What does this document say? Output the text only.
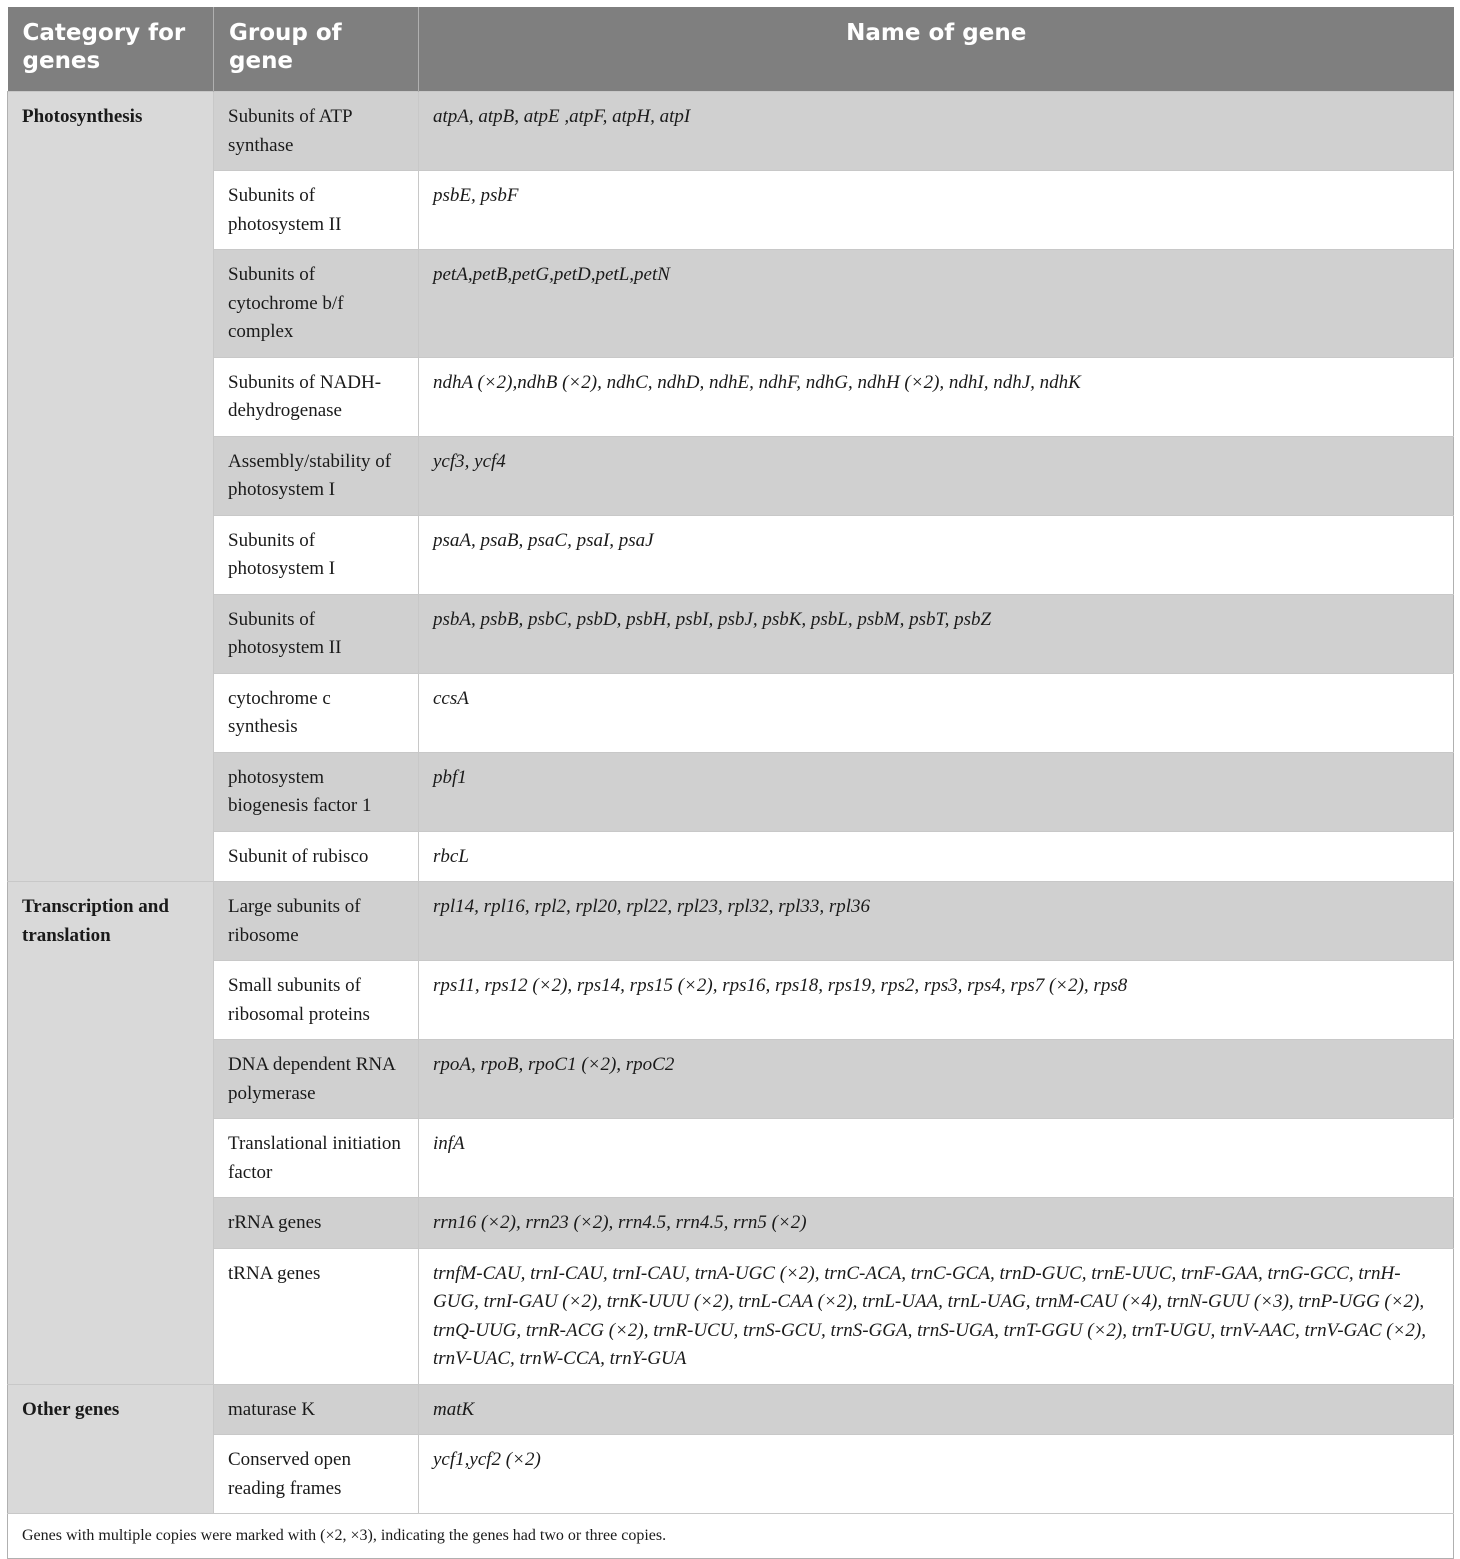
Category for genes	Group of gene	Name of gene
Photosynthesis	Subunits of ATP synthase	atpA, atpB, atpE ,atpF, atpH, atpI
	Subunits of photosystem II	psbE, psbF
	Subunits of cytochrome b/f complex	petA,petB,petG,petD,petL,petN
	Subunits of NADH-dehydrogenase	ndhA (×2),ndhB (×2), ndhC, ndhD, ndhE, ndhF, ndhG, ndhH (×2), ndhI, ndhJ, ndhK
	Assembly/stability of photosystem I	ycf3, ycf4
	Subunits of photosystem I	psaA, psaB, psaC, psaI, psaJ
	Subunits of photosystem II	psbA, psbB, psbC, psbD, psbH, psbI, psbJ, psbK, psbL, psbM, psbT, psbZ
	cytochrome c synthesis	ccsA
	photosystem biogenesis factor 1	pbf1
	Subunit of rubisco	rbcL
Transcription and translation	Large subunits of ribosome	rpl14, rpl16, rpl2, rpl20, rpl22, rpl23, rpl32, rpl33, rpl36
	Small subunits of ribosomal proteins	rps11, rps12 (×2), rps14, rps15 (×2), rps16, rps18, rps19, rps2, rps3, rps4, rps7 (×2), rps8
	DNA dependent RNA polymerase	rpoA, rpoB, rpoC1 (×2), rpoC2
	Translational initiation factor	infA
	rRNA genes	rrn16 (×2), rrn23 (×2), rrn4.5, rrn4.5, rrn5 (×2)
	tRNA genes	trnfM-CAU, trnI-CAU, trnI-CAU, trnA-UGC (×2), trnC-ACA, trnC-GCA, trnD-GUC, trnE-UUC, trnF-GAA, trnG-GCC, trnH-GUG, trnI-GAU (×2), trnK-UUU (×2), trnL-CAA (×2), trnL-UAA, trnL-UAG, trnM-CAU (×4), trnN-GUU (×3), trnP-UGG (×2), trnQ-UUG, trnR-ACG (×2), trnR-UCU, trnS-GCU, trnS-GGA, trnS-UGA, trnT-GGU (×2), trnT-UGU, trnV-AAC, trnV-GAC (×2), trnV-UAC, trnW-CCA, trnY-GUA
Other genes	maturase K	matK
	Conserved open reading frames	ycf1,ycf2 (×2)
Genes with multiple copies were marked with (×2, ×3), indicating the genes had two or three copies.		
